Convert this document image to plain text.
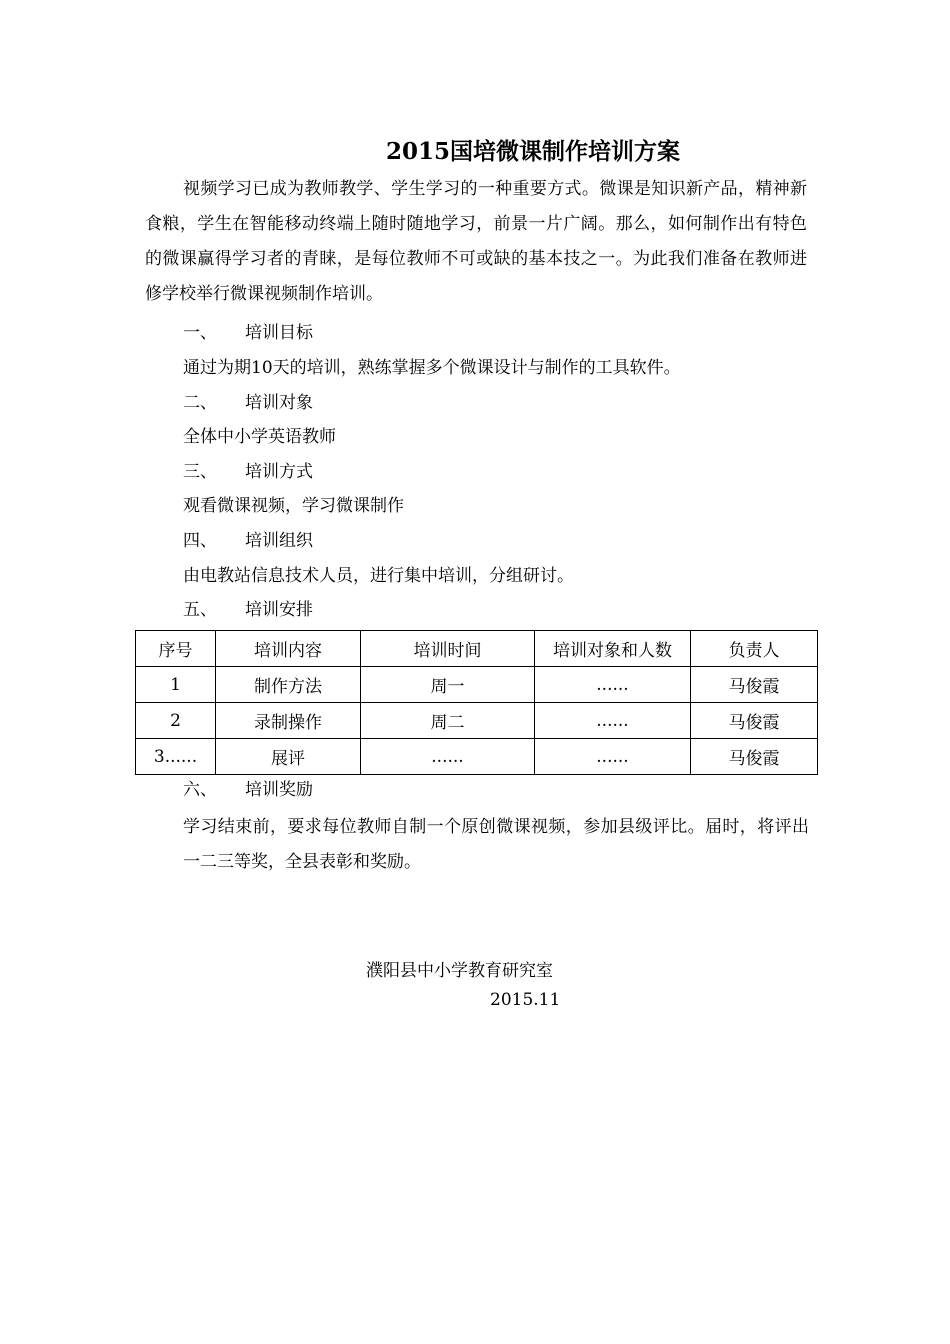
2015国培微课制作培训方案

视频学习已成为教师教学、学生学习的一种重要方式。微课是知识新产品，精神新食粮，学生在智能移动终端上随时随地学习，前景一片广阔。那么，如何制作出有特色的微课赢得学习者的青睐，是每位教师不可或缺的基本技之一。为此我们准备在教师进修学校举行微课视频制作培训。

一、 培训目标
通过为期10天的培训，熟练掌握多个微课设计与制作的工具软件。
二、 培训对象
全体中小学英语教师
三、 培训方式
观看微课视频，学习微课制作
四、 培训组织
由电教站信息技术人员，进行集中培训，分组研讨。
五、 培训安排
序号	培训内容	培训时间	培训对象和人数	负责人
1	制作方法	周一	......	马俊霞
2	录制操作	周二	......	马俊霞
3......	展评	......	......	马俊霞
六、 培训奖励

学习结束前，要求每位教师自制一个原创微课视频，参加县级评比。届时，将评出一二三等奖，全县表彰和奖励。

濮阳县中小学教育研究室
2015.11
